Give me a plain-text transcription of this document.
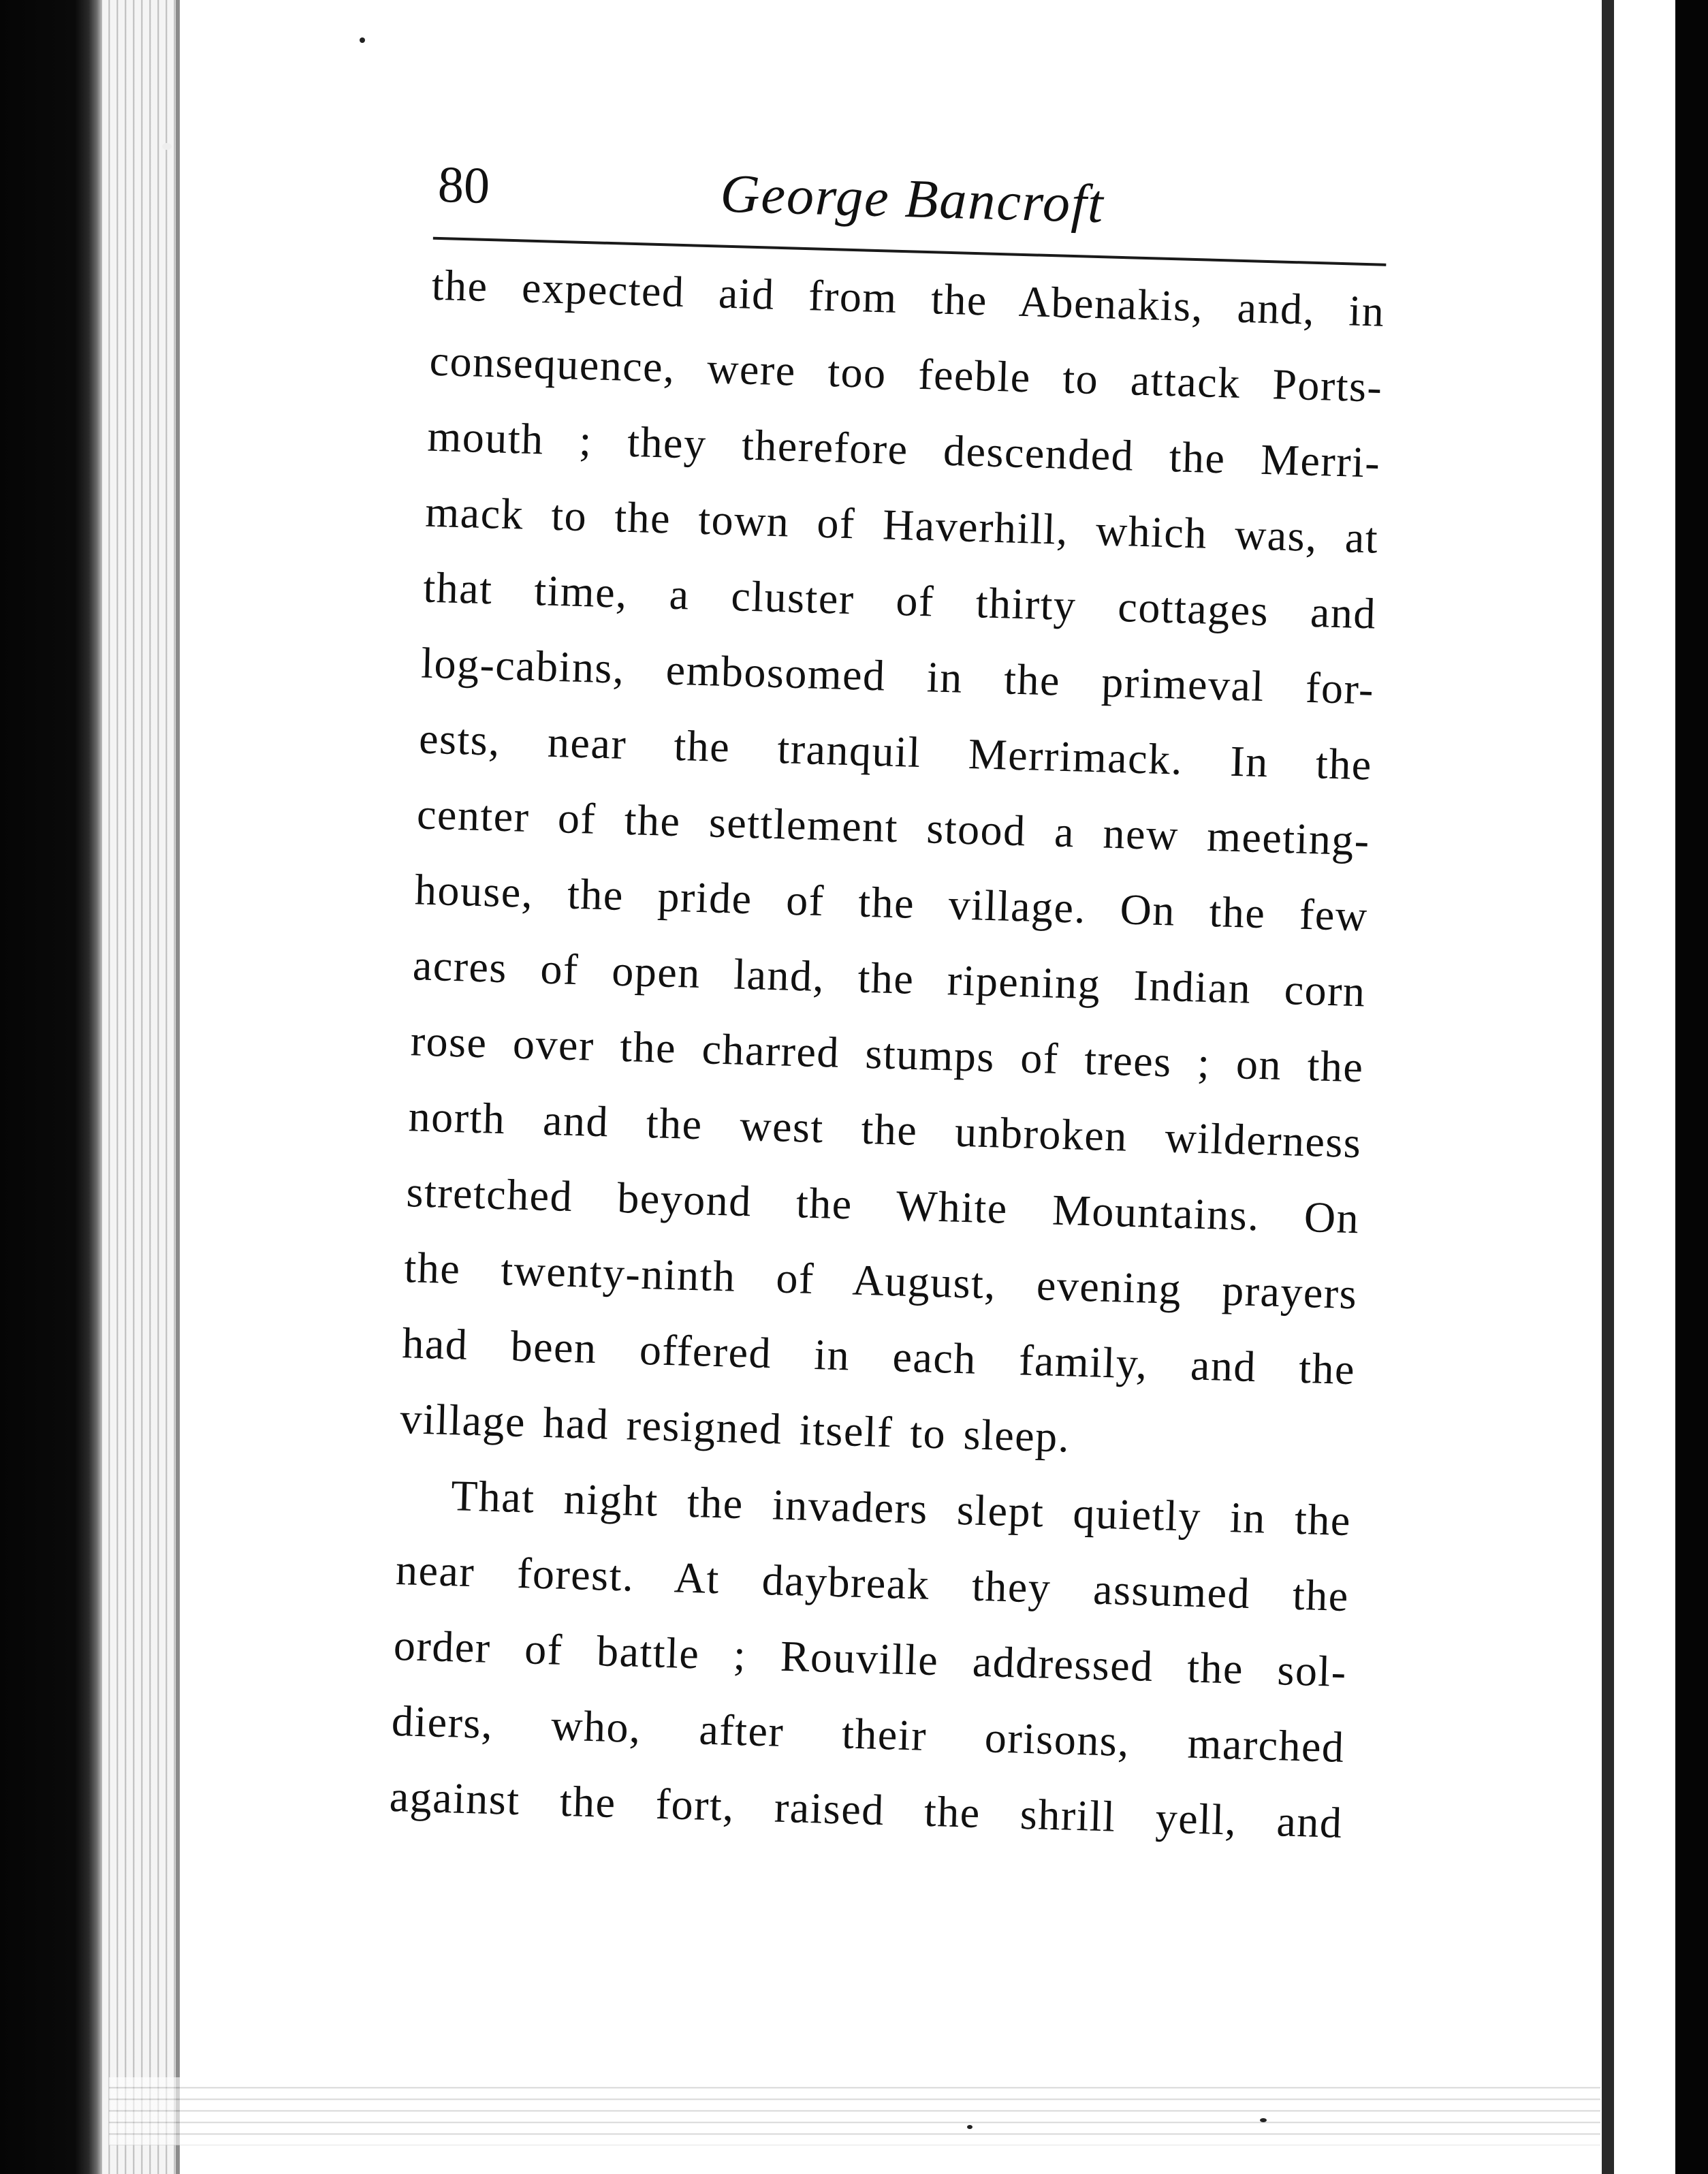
80	George Bancroft

the expected aid from the Abenakis, and, in
consequence, were too feeble to attack Ports-
mouth ; they therefore descended the Merri-
mack to the town of Haverhill, which was, at
that time, a cluster of thirty cottages and
log-cabins, embosomed in the primeval for-
ests, near the tranquil Merrimack. In the
center of the settlement stood a new meeting-
house, the pride of the village. On the few
acres of open land, the ripening Indian corn
rose over the charred stumps of trees ; on the
north and the west the unbroken wilderness
stretched beyond the White Mountains. On
the twenty-ninth of August, evening prayers
had been offered in each family, and the
village had resigned itself to sleep.

That night the invaders slept quietly in the
near forest. At daybreak they assumed the
order of battle ; Rouville addressed the sol-
diers, who, after their orisons, marched
against the fort, raised the shrill yell, and
